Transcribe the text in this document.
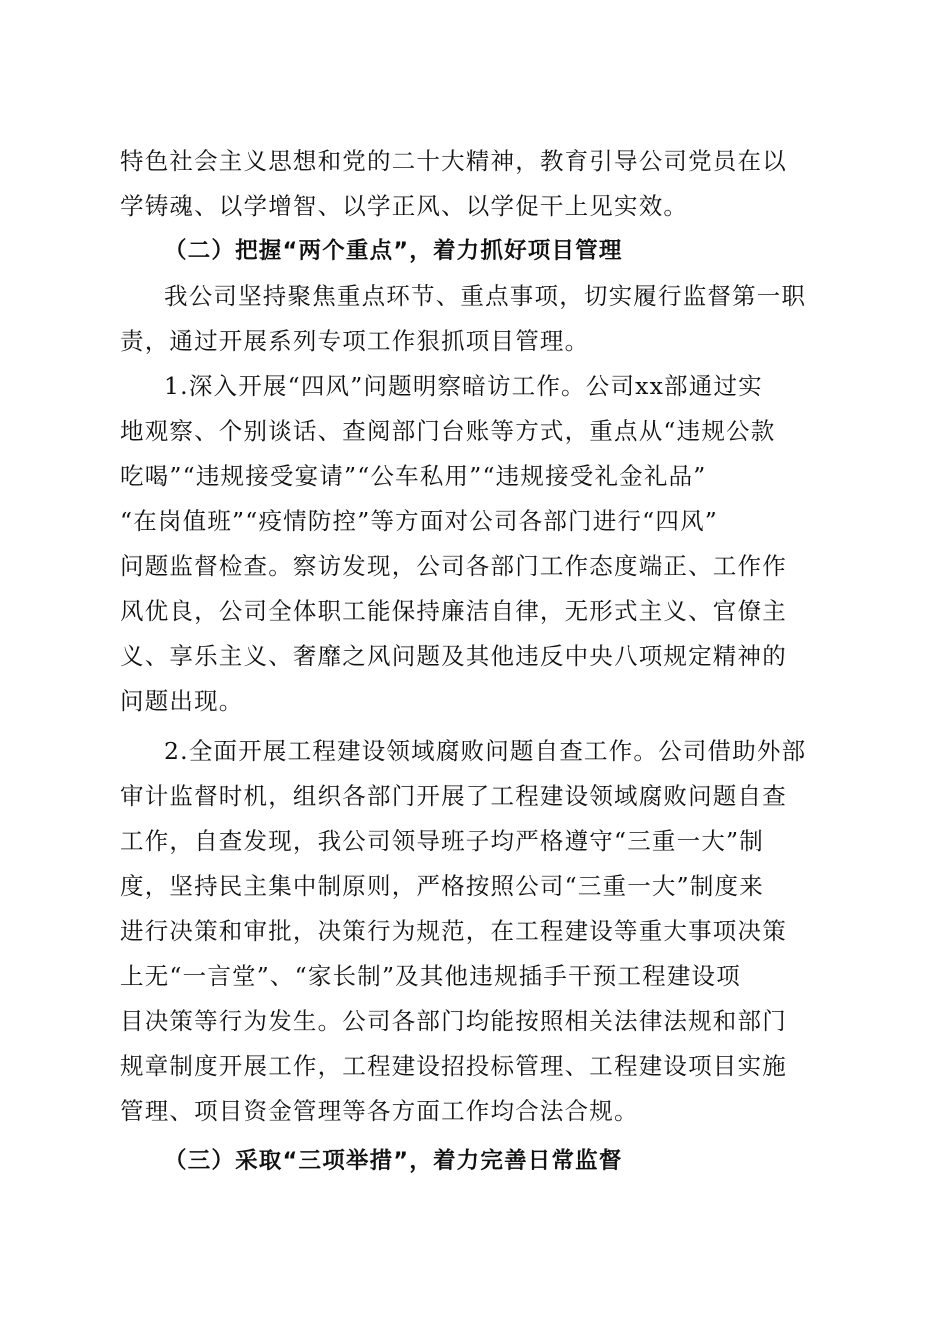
特色社会主义思想和党的二十大精神，教育引导公司党员在以
学铸魂、以学增智、以学正风、以学促干上见实效。
（二）把握“两个重点”，着力抓好项目管理
我公司坚持聚焦重点环节、重点事项，切实履行监督第一职
责，通过开展系列专项工作狠抓项目管理。
1.深入开展“四风”问题明察暗访工作。公司xx部通过实
地观察、个别谈话、查阅部门台账等方式，重点从“违规公款
吃喝”“违规接受宴请”“公车私用”“违规接受礼金礼品”
“在岗值班”“疫情防控”等方面对公司各部门进行“四风”
问题监督检查。察访发现，公司各部门工作态度端正、工作作
风优良，公司全体职工能保持廉洁自律，无形式主义、官僚主
义、享乐主义、奢靡之风问题及其他违反中央八项规定精神的
问题出现。
2.全面开展工程建设领域腐败问题自查工作。公司借助外部
审计监督时机，组织各部门开展了工程建设领域腐败问题自查
工作，自查发现，我公司领导班子均严格遵守“三重一大”制
度，坚持民主集中制原则，严格按照公司“三重一大”制度来
进行决策和审批，决策行为规范，在工程建设等重大事项决策
上无“一言堂”、“家长制”及其他违规插手干预工程建设项
目决策等行为发生。公司各部门均能按照相关法律法规和部门
规章制度开展工作，工程建设招投标管理、工程建设项目实施
管理、项目资金管理等各方面工作均合法合规。
（三）采取“三项举措”，着力完善日常监督
